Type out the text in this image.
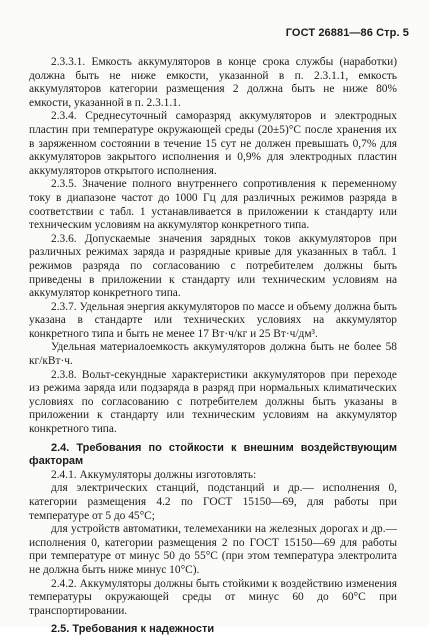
ГОСТ 26881—86 Стр. 5

2.3.3.1. Емкость аккумуляторов в конце срока службы (наработки) должна быть не ниже емкости, указанной в п. 2.3.1.1, емкость аккумуляторов категории размещения 2 должна быть не ниже 80% емкости, указанной в п. 2.3.1.1.

2.3.4. Среднесуточный саморазряд аккумуляторов и электродных пластин при температуре окружающей среды (20±5)°С после хранения их в заряженном состоянии в течение 15 сут не должен превышать 0,7% для аккумуляторов закрытого исполнения и 0,9% для электродных пластин аккумуляторов открытого исполнения.

2.3.5. Значение полного внутреннего сопротивления к переменному току в диапазоне частот до 1000 Гц для различных режимов разряда в соответствии с табл. 1 устанавливается в приложении к стандарту или техническим условиям на аккумулятор конкретного типа.

2.3.6. Допускаемые значения зарядных токов аккумуляторов при различных режимах заряда и разрядные кривые для указанных в табл. 1 режимов разряда по согласованию с потребителем должны быть приведены в приложении к стандарту или техническим условиям на аккумулятор конкретного типа.

2.3.7. Удельная энергия аккумуляторов по массе и объему должна быть указана в стандарте или технических условиях на аккумулятор конкретного типа и быть не менее 17 Вт·ч/кг и 25 Вт·ч/дм³.

Удельная материалоемкость аккумуляторов должна быть не более 58 кг/кВт·ч.

2.3.8. Вольт-секундные характеристики аккумуляторов при переходе из режима заряда или подзаряда в разряд при нормальных климатических условиях по согласованию с потребителем должны быть указаны в приложении к стандарту или техническим условиям на аккумулятор конкретного типа.

2.4. Требования по стойкости к внешним воздействующим факторам

2.4.1. Аккумуляторы должны изготовлять:

для электрических станций, подстанций и др.— исполнения 0, категории размещения 4.2 по ГОСТ 15150—69, для работы при температуре от 5 до 45°С;

для устройств автоматики, телемеханики на железных дорогах и др.— исполнения 0, категории размещения 2 по ГОСТ 15150—69 для работы при температуре от минус 50 до 55°С (при этом температура электролита не должна быть ниже минус 10°С).

2.4.2. Аккумуляторы должны быть стойкими к воздействию изменения температуры окружающей среды от минус 60 до 60°С при транспортировании.

2.5. Требования к надежности
